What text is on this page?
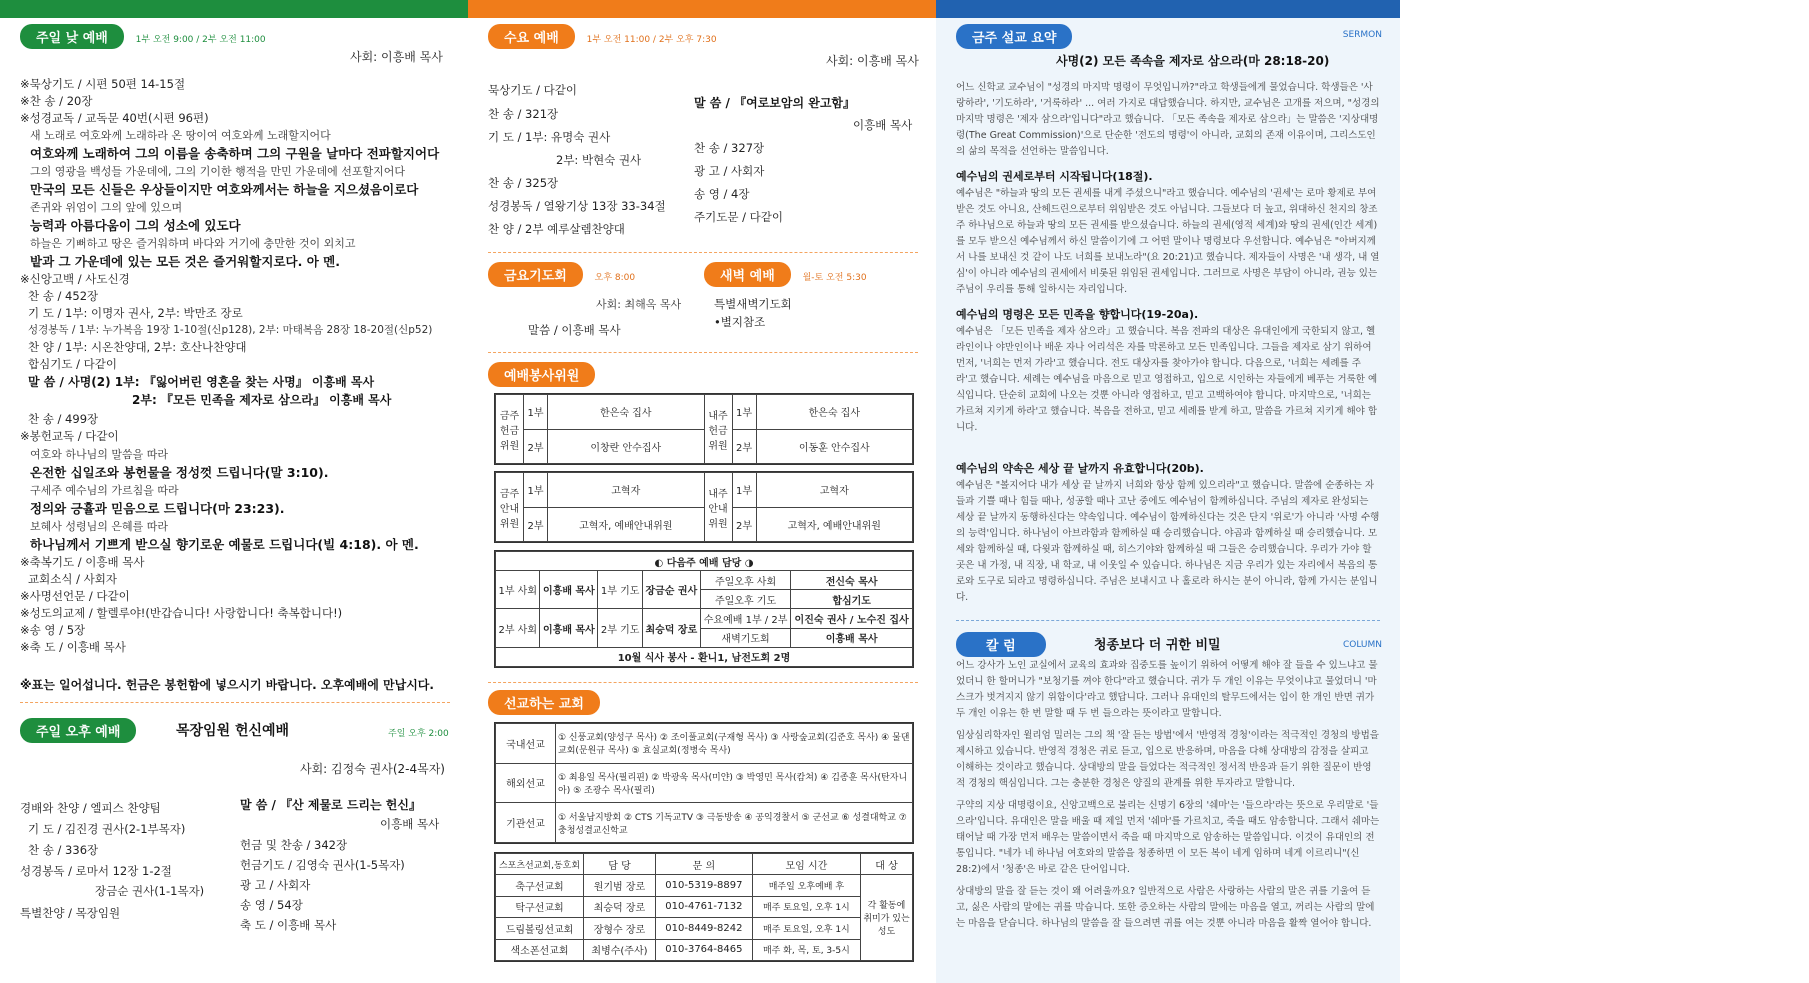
주일 낮 예배	1부 오전 9:00 / 2부 오전 11:00
사회: 이흥배 목사
※묵상기도 / 시편 50편 14-15절
※찬 송 / 20장
※성경교독 / 교독문 40번(시편 96편)
새 노래로 여호와께 노래하라 온 땅이여 여호와께 노래할지어다
여호와께 노래하여 그의 이름을 송축하며 그의 구원을 날마다 전파할지어다
그의 영광을 백성들 가운데에, 그의 기이한 행적을 만민 가운데에 선포할지어다
만국의 모든 신들은 우상들이지만 여호와께서는 하늘을 지으셨음이로다
존귀와 위엄이 그의 앞에 있으며
능력과 아름다움이 그의 성소에 있도다
하늘은 기뻐하고 땅은 즐거워하며 바다와 거기에 충만한 것이 외치고
밭과 그 가운데에 있는 모든 것은 즐거워할지로다. 아 멘.
※신앙고백 / 사도신경
찬 송 / 452장
기 도 / 1부: 이명자 권사, 2부: 박만조 장로
성경봉독 / 1부: 누가복음 19장 1-10절(신p128), 2부: 마태복음 28장 18-20절(신p52)
찬 양 / 1부: 시온찬양대, 2부: 호산나찬양대
합심기도 / 다같이
말 씀 / 사명(2) 1부: 『잃어버린 영혼을 찾는 사명』 이흥배 목사
2부: 『모든 민족을 제자로 삼으라』 이흥배 목사
찬 송 / 499장
※봉헌교독 / 다같이
여호와 하나님의 말씀을 따라
온전한 십일조와 봉헌물을 정성껏 드립니다(말 3:10).
구세주 예수님의 가르침을 따라
정의와 긍휼과 믿음으로 드립니다(마 23:23).
보혜사 성령님의 은혜를 따라
하나님께서 기쁘게 받으실 향기로운 예물로 드립니다(빌 4:18). 아 멘.
※축복기도 / 이흥배 목사
교회소식 / 사회자
※사명선언문 / 다같이
※성도의교제 / 할렐루야!(반갑습니다! 사랑합니다! 축복합니다!)
※송 영 / 5장
※축 도 / 이흥배 목사
※표는 일어섭니다. 헌금은 봉헌함에 넣으시기 바랍니다. 오후예배에 만납시다.
주일 오후 예배	목장임원 헌신예배	주일 오후 2:00
사회: 김정숙 권사(2-4목자)
경배와 찬양 / 엘피스 찬양팀
기 도 / 김진경 권사(2-1부목자)
찬 송 / 336장
성경봉독 / 로마서 12장 1-2절
장금순 권사(1-1목자)
특별찬양 / 목장임원
말 씀 / 『산 제물로 드리는 헌신』
이흥배 목사
헌금 및 찬송 / 342장
헌금기도 / 김영숙 권사(1-5목자)
광 고 / 사회자
송 영 / 54장
축 도 / 이흥배 목사
수요 예배	1부 오전 11:00 / 2부 오후 7:30
사회: 이흥배 목사
묵상기도 / 다같이
찬 송 / 321장
기 도 / 1부: 유명숙 권사
2부: 박현숙 권사
찬 송 / 325장
성경봉독 / 열왕기상 13장 33-34절
찬 양 / 2부 예루살렘찬양대
말 씀 / 『여로보암의 완고함』
이흥배 목사
찬 송 / 327장
광 고 / 사회자
송 영 / 4장
주기도문 / 다같이
금요기도회	오후 8:00
사회: 최해옥 목사
말씀 / 이흥배 목사
새벽 예배	월-토 오전 5:30
특별새벽기도회
•별지참조
예배봉사위원
금주 헌금 위원	1부	한은숙 집사	내주 헌금 위원	1부	한은숙 집사
	2부	이창란 안수집사		2부	이동훈 안수집사
금주 안내 위원	1부	고혁자	내주 안내 위원	1부	고혁자
	2부	고혁자, 예배안내위원		2부	고혁자, 예배안내위원
◐ 다음주 예배 담당 ◑					
1부 사회	이흥배 목사	1부 기도	장금순 권사	주일오후 사회	전신숙 목사
				주일오후 기도	합심기도
2부 사회	이흥배 목사	2부 기도	최승덕 장로	수요예배 1부 / 2부	이진숙 권사 / 노수진 집사
				새벽기도회	이흥배 목사
10월 식사 봉사 - 환니1, 남전도회 2명					
선교하는 교회
국내선교	① 신풍교회(양성구 목사) ② 조이풀교회(구재형 목사) ③ 사랑숲교회(김준호 목사) ④ 물댄교회(문원규 목사) ⑤ 효실교회(정병숙 목사)
해외선교	① 최용일 목사(필리핀) ② 박광욱 목사(미얀) ③ 박영민 목사(캄쳐) ④ 김종훈 목사(탄자니아) ⑤ 조광수 목사(필리)
기관선교	① 서울남지방회 ② CTS 기독교TV ③ 극동방송 ④ 공익경찰서 ⑤ 군선교 ⑥ 성결대학교 ⑦ 충청성결교신학교
스포츠선교회,동호회	담 당	문 의	모임 시간	대 상
축구선교회	원기범 장로	010-5319-8897	매주일 오후예배 후	각 활동에 취미가 있는 성도
탁구선교회	최승덕 장로	010-4761-7132	매주 토요일, 오후 1시	
드림볼링선교회	장형수 장로	010-8449-8242	매주 토요일, 오후 1시	
색소폰선교회	최병수(주사)	010-3764-8465	매주 화, 목, 토, 3-5시	
금주 설교 요약	SERMON
사명(2) 모든 족속을 제자로 삼으라(마 28:18-20)
어느 신학교 교수님이 "성경의 마지막 명령이 무엇입니까?"라고 학생들에게 물었습니다. 학생들은 '사랑하라', '기도하라', '거룩하라' ... 여러 가지로 대답했습니다. 하지만, 교수님은 고개를 저으며, "성경의 마지막 명령은 '제자 삼으라'입니다"라고 했습니다. 「모든 족속을 제자로 삼으라」는 말씀은 '지상대명령(The Great Commission)'으로 단순한 '전도의 명령'이 아니라, 교회의 존재 이유이며, 그리스도인의 삶의 목적을 선언하는 말씀입니다.
예수님의 권세로부터 시작됩니다(18절).
예수님은 "하늘과 땅의 모든 권세를 내게 주셨으니"라고 했습니다. 예수님의 '권세'는 로마 황제로 부여받은 것도 아니요, 산헤드린으로부터 위임받은 것도 아닙니다. 그들보다 더 높고, 위대하신 천지의 창조주 하나님으로 하늘과 땅의 모든 권세를 받으셨습니다. 하늘의 권세(영적 세계)와 땅의 권세(인간 세계)를 모두 받으신 예수님께서 하신 말씀이기에 그 어떤 말이나 명령보다 우선합니다. 예수님은 "아버지께서 나를 보내신 것 같이 나도 너희를 보내노라"(요 20:21)고 했습니다. 제자들이 사명은 '내 생각, 내 열심'이 아니라 예수님의 권세에서 비롯된 위임된 권세입니다. 그러므로 사명은 부담이 아니라, 권능 있는 주님이 우리를 통해 일하시는 자리입니다.
예수님의 명령은 모든 민족을 향합니다(19-20a).
예수님은 「모든 민족을 제자 삼으라」고 했습니다. 복음 전파의 대상은 유대인에게 국한되지 않고, 헬라인이나 야만인이나 배운 자나 어리석은 자를 막론하고 모든 민족입니다. 그들을 제자로 삼기 위하여 먼저, '너희는 먼저 가라'고 했습니다. 전도 대상자를 찾아가야 합니다. 다음으로, '너희는 세례를 주라'고 했습니다. 세례는 예수님을 마음으로 믿고 영접하고, 입으로 시인하는 자들에게 베푸는 거룩한 예식입니다. 단순히 교회에 나오는 것뿐 아니라 영접하고, 믿고 고백하여야 합니다. 마지막으로, '너희는 가르쳐 지키게 하라'고 했습니다. 복음을 전하고, 믿고 세례를 받게 하고, 말씀을 가르쳐 지키게 해야 합니다.
예수님의 약속은 세상 끝 날까지 유효합니다(20b).
예수님은 "볼지어다 내가 세상 끝 날까지 너희와 항상 함께 있으리라"고 했습니다. 말씀에 순종하는 자들과 기쁠 때나 힘들 때나, 성공할 때나 고난 중에도 예수님이 함께하십니다. 주님의 제자로 완성되는 세상 끝 날까지 동행하신다는 약속입니다. 예수님이 함께하신다는 것은 단지 '위로'가 아니라 '사명 수행의 능력'입니다. 하나님이 아브라함과 함께하실 때 승리했습니다. 야곱과 함께하실 때 승리했습니다. 모세와 함께하실 때, 다윗과 함께하실 때, 히스기야와 함께하실 때 그들은 승리했습니다. 우리가 가야 할 곳은 내 가정, 내 직장, 내 학교, 내 이웃일 수 있습니다. 하나님은 지금 우리가 있는 자리에서 복음의 통로와 도구로 되라고 명령하십니다. 주님은 보내시고 나 홀로라 하시는 분이 아니라, 함께 가시는 분입니다.
칼 럼	청종보다 더 귀한 비밀	COLUMN
어느 강사가 노인 교실에서 교육의 효과와 집중도를 높이기 위하여 어떻게 해야 잘 들을 수 있느냐고 물었더니 한 할머니가 "보청기를 껴야 한다"라고 했습니다. 귀가 두 개인 이유는 무엇이냐고 물었더니 '마스크가 벗겨지지 않기 위함이다'라고 했답니다. 그러나 유대인의 탈무드에서는 입이 한 개인 반면 귀가 두 개인 이유는 한 번 말할 때 두 번 들으라는 뜻이라고 말합니다.
임상심리학자인 윌리엄 밀러는 그의 책 '잘 듣는 방법'에서 '반영적 경청'이라는 적극적인 경청의 방법을 제시하고 있습니다. 반영적 경청은 귀로 듣고, 입으로 반응하며, 마음을 다해 상대방의 감정을 살피고 이해하는 것이라고 했습니다. 상대방의 말을 들었다는 적극적인 정서적 반응과 듣기 위한 질문이 반영적 경청의 핵심입니다. 그는 충분한 경청은 양질의 관계를 위한 투자라고 말합니다.
구약의 지상 대명령이요, 신앙고백으로 불리는 신명기 6장의 '쉐마'는 '들으라'라는 뜻으로 우리말로 '들으라'입니다. 유대인은 말을 배울 때 제일 먼저 '쉐마'를 가르치고, 죽을 때도 암송합니다. 그래서 쉐마는 태어날 때 가장 먼저 배우는 말씀이면서 죽을 때 마지막으로 암송하는 말씀입니다. 이것이 유대인의 전통입니다. "네가 네 하나님 여호와의 말씀을 청종하면 이 모든 복이 네게 임하며 네게 이르리니"(신 28:2)에서 '청종'은 바로 같은 단어입니다.
상대방의 말을 잘 듣는 것이 왜 어려울까요? 일반적으로 사람은 사랑하는 사람의 말은 귀를 기울여 듣고, 싫은 사람의 말에는 귀를 막습니다. 또한 증오하는 사람의 말에는 마음을 열고, 꺼리는 사람의 말에는 마음을 닫습니다. 하나님의 말씀을 잘 들으려면 귀를 여는 것뿐 아니라 마음을 활짝 열어야 합니다.
